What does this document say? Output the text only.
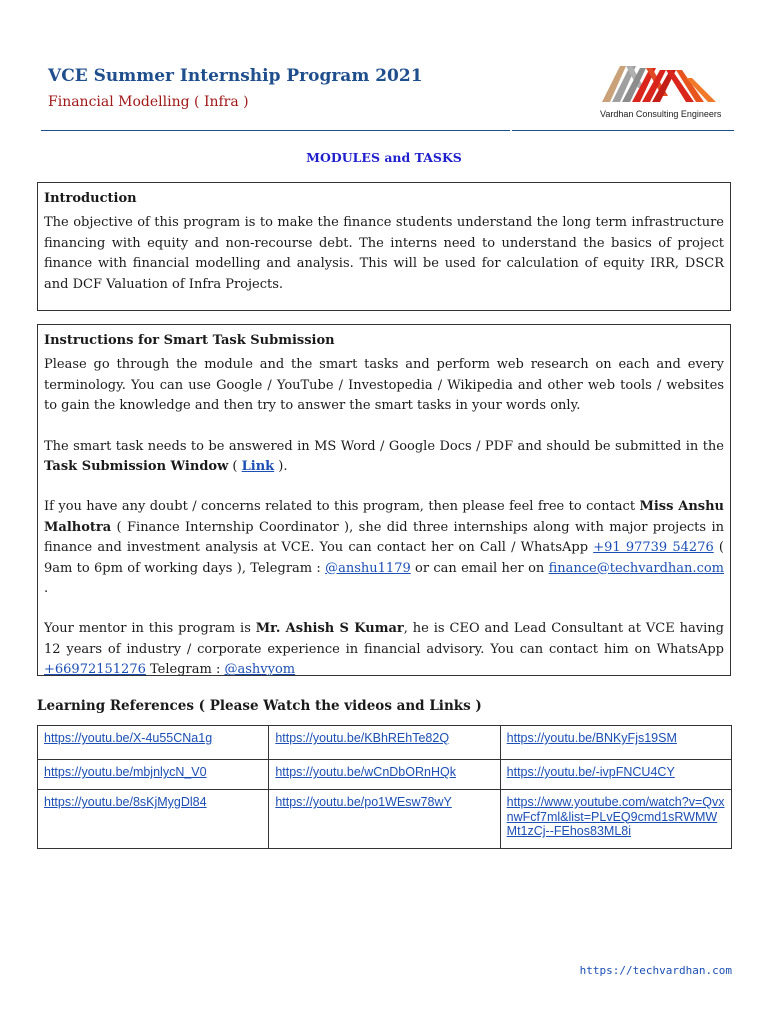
VCE Summer Internship Program 2021
Financial Modelling ( Infra )
Vardhan Consulting Engineers
MODULES and TASKS
Introduction

The objective of this program is to make the finance students understand the long term infrastructure financing with equity and non-recourse debt. The interns need to understand the basics of project finance with financial modelling and analysis. This will be used for calculation of equity IRR, DSCR and DCF Valuation of Infra Projects.

Instructions for Smart Task Submission

Please go through the module and the smart tasks and perform web research on each and every terminology. You can use Google / YouTube / Investopedia / Wikipedia and other web tools / websites to gain the knowledge and then try to answer the smart tasks in your words only.

The smart task needs to be answered in MS Word / Google Docs / PDF and should be submitted in the Task Submission Window ( Link ).

If you have any doubt / concerns related to this program, then please feel free to contact Miss Anshu Malhotra ( Finance Internship Coordinator ), she did three internships along with major projects in finance and investment analysis at VCE. You can contact her on Call / WhatsApp +91 97739 54276 ( 9am to 6pm of working days ), Telegram : @anshu1179 or can email her on finance@techvardhan.com .

Your mentor in this program is Mr. Ashish S Kumar, he is CEO and Lead Consultant at VCE having 12 years of industry / corporate experience in financial advisory. You can contact him on WhatsApp +66972151276 Telegram : @ashvyom

Learning References ( Please Watch the videos and Links )
https://youtu.be/X-4u55CNa1g	https://youtu.be/KBhREhTe82Q	https://youtu.be/BNKyFjs19SM
https://youtu.be/mbjnlycN_V0	https://youtu.be/wCnDbORnHQk	https://youtu.be/-ivpFNCU4CY
https://youtu.be/8sKjMygDl84	https://youtu.be/po1WEsw78wY	https://www.youtube.com/watch?v=QvxnwFcf7ml&list=PLvEQ9cmd1sRWMWMt1zCj--FEhos83ML8i
https://techvardhan.com
